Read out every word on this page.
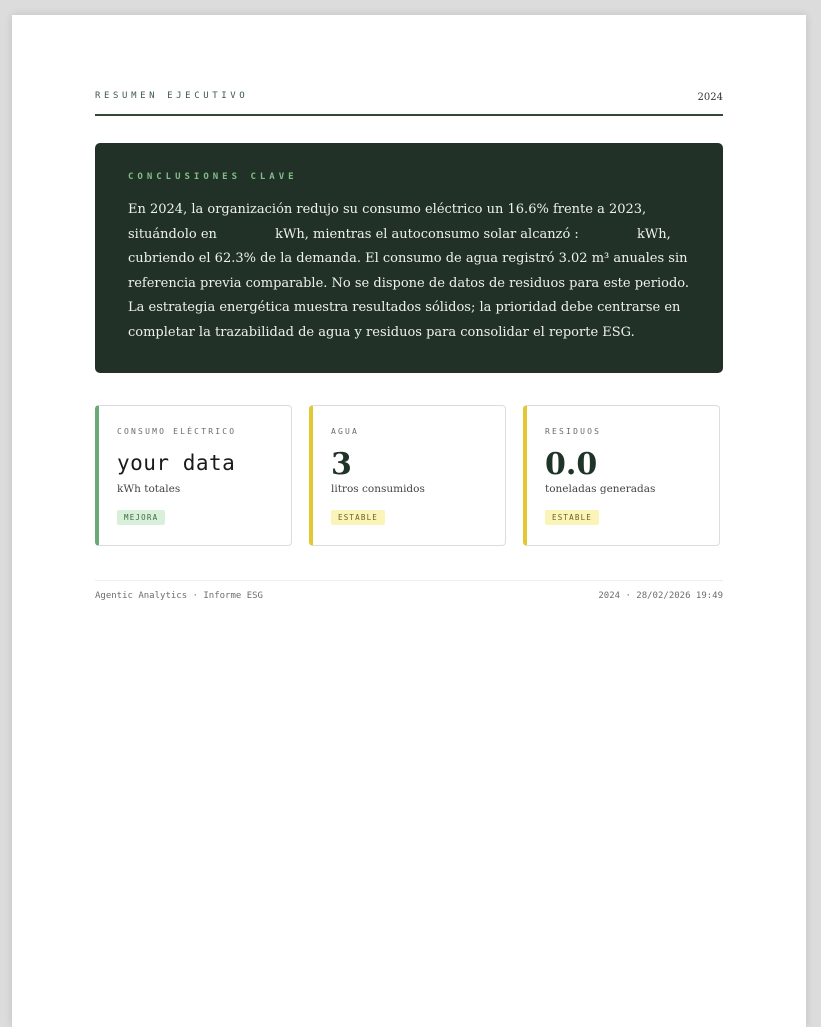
RESUMEN EJECUTIVO	2024
CONCLUSIONES CLAVE

En 2024, la organización redujo su consumo eléctrico un 16.6% frente a 2023, situándolo en	kWh, mientras el autoconsumo solar alcanzó :	kWh, cubriendo el 62.3% de la demanda. El consumo de agua registró 3.02 m³ anuales sin referencia previa comparable. No se dispone de datos de residuos para este periodo. La estrategia energética muestra resultados sólidos; la prioridad debe centrarse en completar la trazabilidad de agua y residuos para consolidar el reporte ESG.

CONSUMO ELÉCTRICO
your data
kWh totales
MEJORA
AGUA
3
litros consumidos
ESTABLE
RESIDUOS
0.0
toneladas generadas
ESTABLE
Agentic Analytics · Informe ESG	2024 · 28/02/2026 19:49
